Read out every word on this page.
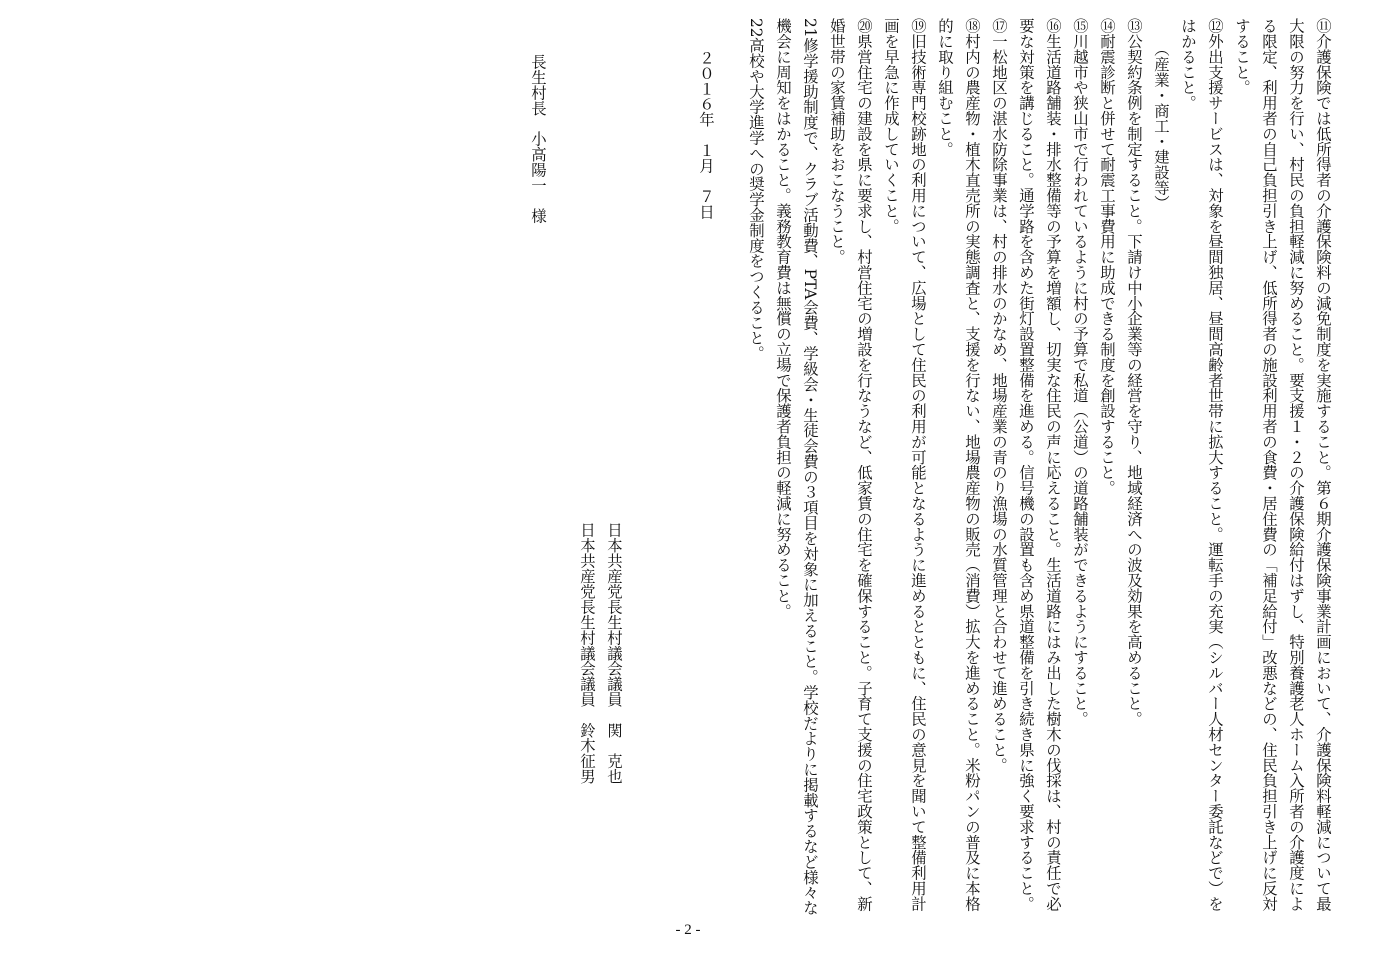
⑪介護保険では低所得者の介護保険料の減免制度を実施すること。第６期介護保険事業計画において、介護保険料軽減について最大限の努力を行い、村民の負担軽減に努めること。要支援１・２の介護保険給付はずし、特別養護老人ホーム入所者の介護度による限定、利用者の自己負担引き上げ、低所得者の施設利用者の食費・居住費の「補足給付」改悪などの、住民負担引き上げに反対すること。
⑫外出支援サービスは、対象を昼間独居、昼間高齢者世帯に拡大すること。運転手の充実（シルバー人材センター委託などで）をはかること。
　　（産業・商工・建設等）
⑬公契約条例を制定すること。下請け中小企業等の経営を守り、地域経済への波及効果を高めること。
⑭耐震診断と併せて耐震工事費用に助成できる制度を創設すること。
⑮川越市や狭山市で行われているように村の予算で私道（公道）の道路舗装ができるようにすること。
⑯生活道路舗装・排水整備等の予算を増額し、切実な住民の声に応えること。生活道路にはみ出した樹木の伐採は、村の責任で必要な対策を講じること。通学路を含めた街灯設置整備を進める。信号機の設置も含め県道整備を引き続き県に強く要求すること。
⑰一松地区の湛水防除事業は、村の排水のかなめ、地場産業の青のり漁場の水質管理と合わせて進めること。
⑱村内の農産物・植木直売所の実態調査と、支援を行ない、地場農産物の販売（消費）拡大を進めること。米粉パンの普及に本格的に取り組むこと。
⑲旧技術専門校跡地の利用について、広場として住民の利用が可能となるように進めるとともに、住民の意見を聞いて整備利用計画を早急に作成していくこと。
⑳県営住宅の建設を県に要求し、村営住宅の増設を行なうなど、低家賃の住宅を確保すること。子育て支援の住宅政策として、新婚世帯の家賃補助をおこなうこと。
21修学援助制度で、クラブ活動費、PTA会費、学級会・生徒会費の３項目を対象に加えること。学校だよりに掲載するなど様々な機会に周知をはかること。義務教育費は無償の立場で保護者負担の軽減に努めること。
22高校や大学進学への奨学金制度をつくること。
２０１６年　１月　７日
日本共産党長生村議会議員　関　克也
日本共産党長生村議会議員　鈴木征男
長生村長　小高陽一　様
- 2 -
